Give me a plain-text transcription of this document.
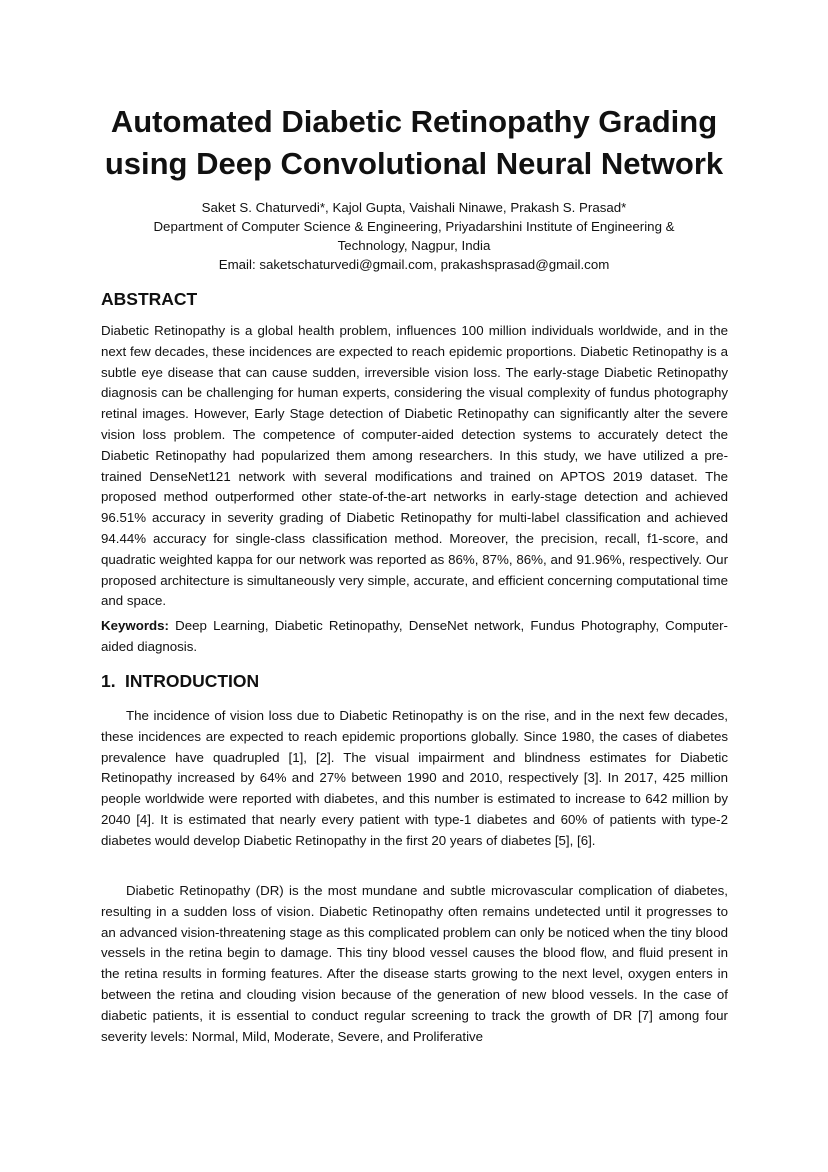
Automated Diabetic Retinopathy Grading
using Deep Convolutional Neural Network
Saket S. Chaturvedi*, Kajol Gupta, Vaishali Ninawe, Prakash S. Prasad*
Department of Computer Science & Engineering, Priyadarshini Institute of Engineering &
Technology, Nagpur, India
Email: saketschaturvedi@gmail.com, prakashsprasad@gmail.com
ABSTRACT

Diabetic Retinopathy is a global health problem, influences 100 million individuals worldwide, and in the next few decades, these incidences are expected to reach epidemic proportions. Diabetic Retinopathy is a subtle eye disease that can cause sudden, irreversible vision loss. The early-stage Diabetic Retinopathy diagnosis can be challenging for human experts, considering the visual complexity of fundus photography retinal images. However, Early Stage detection of Diabetic Retinopathy can significantly alter the severe vision loss problem. The competence of computer-aided detection systems to accurately detect the Diabetic Retinopathy had popularized them among researchers. In this study, we have utilized a pre-trained DenseNet121 network with several modifications and trained on APTOS 2019 dataset. The proposed method outperformed other state-of-the-art networks in early-stage detection and achieved 96.51% accuracy in severity grading of Diabetic Retinopathy for multi-label classification and achieved 94.44% accuracy for single-class classification method. Moreover, the precision, recall, f1-score, and quadratic weighted kappa for our network was reported as 86%, 87%, 86%, and 91.96%, respectively. Our proposed architecture is simultaneously very simple, accurate, and efficient concerning computational time and space.

Keywords: Deep Learning, Diabetic Retinopathy, DenseNet network, Fundus Photography, Computer-aided diagnosis.

1. INTRODUCTION

The incidence of vision loss due to Diabetic Retinopathy is on the rise, and in the next few decades, these incidences are expected to reach epidemic proportions globally. Since 1980, the cases of diabetes prevalence have quadrupled [1], [2]. The visual impairment and blindness estimates for Diabetic Retinopathy increased by 64% and 27% between 1990 and 2010, respectively [3]. In 2017, 425 million people worldwide were reported with diabetes, and this number is estimated to increase to 642 million by 2040 [4]. It is estimated that nearly every patient with type-1 diabetes and 60% of patients with type-2 diabetes would develop Diabetic Retinopathy in the first 20 years of diabetes [5], [6].

Diabetic Retinopathy (DR) is the most mundane and subtle microvascular complication of diabetes, resulting in a sudden loss of vision. Diabetic Retinopathy often remains undetected until it progresses to an advanced vision-threatening stage as this complicated problem can only be noticed when the tiny blood vessels in the retina begin to damage. This tiny blood vessel causes the blood flow, and fluid present in the retina results in forming features. After the disease starts growing to the next level, oxygen enters in between the retina and clouding vision because of the generation of new blood vessels. In the case of diabetic patients, it is essential to conduct regular screening to track the growth of DR [7] among four severity levels: Normal, Mild, Moderate, Severe, and Proliferative
